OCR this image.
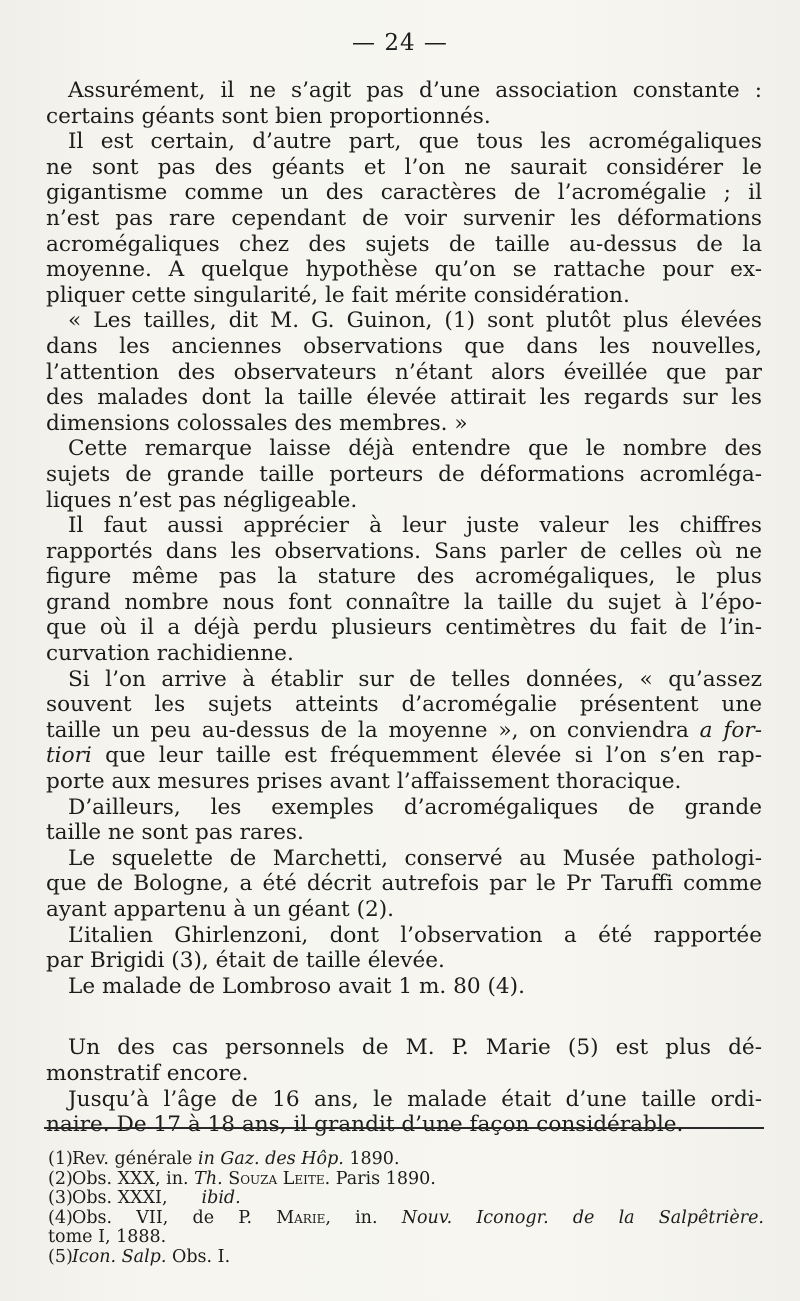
— 24 —
Assurément, il ne s’agit pas d’une association constante :
certains géants sont bien proportionnés.
Il est certain, d’autre part, que tous les acromégaliques
ne sont pas des géants et l’on ne saurait considérer le
gigantisme comme un des caractères de l’acromégalie ; il
n’est pas rare cependant de voir survenir les déformations
acromégaliques chez des sujets de taille au-dessus de la
moyenne. A quelque hypothèse qu’on se rattache pour ex-
pliquer cette singularité, le fait mérite considération.
« Les tailles, dit M. G. Guinon, (1) sont plutôt plus élevées
dans les anciennes observations que dans les nouvelles,
l’attention des observateurs n’étant alors éveillée que par
des malades dont la taille élevée attirait les regards sur les
dimensions colossales des membres. »
Cette remarque laisse déjà entendre que le nombre des
sujets de grande taille porteurs de déformations acromléga-
liques n’est pas négligeable.
Il faut aussi apprécier à leur juste valeur les chiffres
rapportés dans les observations. Sans parler de celles où ne
figure même pas la stature des acromégaliques, le plus
grand nombre nous font connaître la taille du sujet à l’épo-
que où il a déjà perdu plusieurs centimètres du fait de l’in-
curvation rachidienne.
Si l’on arrive à établir sur de telles données, « qu’assez
souvent les sujets atteints d’acromégalie présentent une
taille un peu au-dessus de la moyenne », on conviendra a for-
tiori que leur taille est fréquemment élevée si l’on s’en rap-
porte aux mesures prises avant l’affaissement thoracique.
D’ailleurs, les exemples d’acromégaliques de grande
taille ne sont pas rares.
Le squelette de Marchetti, conservé au Musée pathologi-
que de Bologne, a été décrit autrefois par le Pr Taruffi comme
ayant appartenu à un géant (2).
L’italien Ghirlenzoni, dont l’observation a été rapportée
par Brigidi (3), était de taille élevée.
Le malade de Lombroso avait 1 m. 80 (4).
Un des cas personnels de M. P. Marie (5) est plus dé-
monstratif encore.
Jusqu’à l’âge de 16 ans, le malade était d’une taille ordi-
naire. De 17 à 18 ans, il grandit d’une façon considérable.
(1)Rev. générale in Gaz. des Hôp. 1890.
(2)Obs. XXX, in. Th. Souza Leite. Paris 1890.
(3)Obs. XXXI, ibid.
(4)Obs. VII, de P. Marie, in. Nouv. Iconogr. de la Salpêtrière.
tome I, 1888.
(5)Icon. Salp. Obs. I.
